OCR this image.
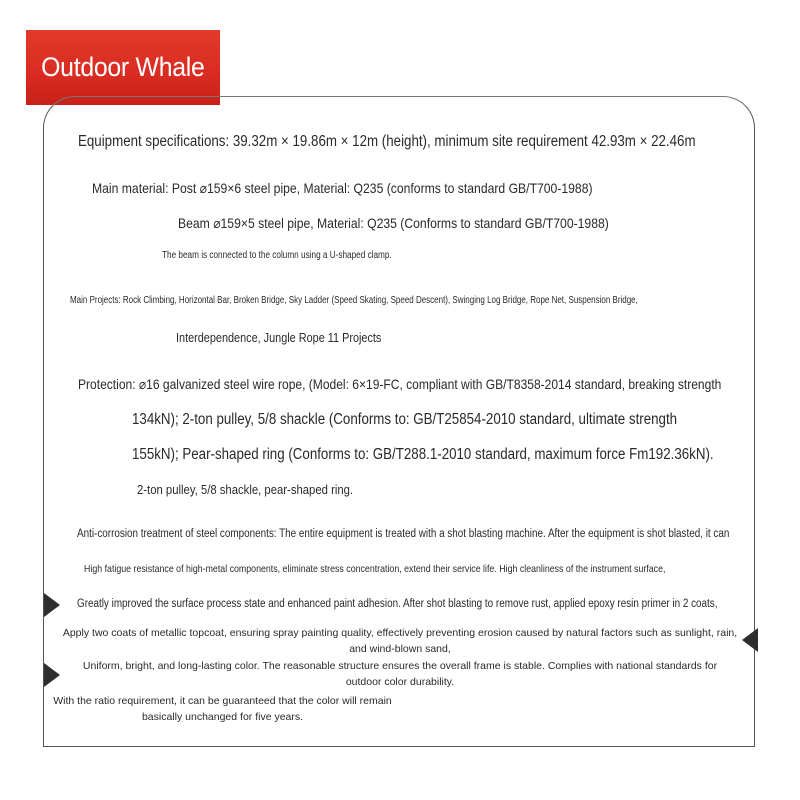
Outdoor Whale
Equipment specifications: 39.32m × 19.86m × 12m (height), minimum site requirement 42.93m × 22.46m
Main material: Post ⌀159×6 steel pipe, Material: Q235 (conforms to standard GB/T700-1988)
Beam ⌀159×5 steel pipe, Material: Q235 (Conforms to standard GB/T700-1988)
The beam is connected to the column using a U-shaped clamp.
Main Projects: Rock Climbing, Horizontal Bar, Broken Bridge, Sky Ladder (Speed Skating, Speed Descent), Swinging Log Bridge, Rope Net, Suspension Bridge,
Interdependence, Jungle Rope 11 Projects
Protection: ⌀16 galvanized steel wire rope, (Model: 6×19-FC, compliant with GB/T8358-2014 standard, breaking strength
134kN); 2-ton pulley, 5/8 shackle (Conforms to: GB/T25854-2010 standard, ultimate strength
155kN); Pear-shaped ring (Conforms to: GB/T288.1-2010 standard, maximum force Fm192.36kN).
2-ton pulley, 5/8 shackle, pear-shaped ring.
Anti-corrosion treatment of steel components: The entire equipment is treated with a shot blasting machine. After the equipment is shot blasted, it can
High fatigue resistance of high-metal components, eliminate stress concentration, extend their service life. High cleanliness of the instrument surface,
Greatly improved the surface process state and enhanced paint adhesion. After shot blasting to remove rust, applied epoxy resin primer in 2 coats,
Apply two coats of metallic topcoat, ensuring spray painting quality, effectively preventing erosion caused by natural factors such as sunlight, rain, and wind-blown sand,
Uniform, bright, and long-lasting color. The reasonable structure ensures the overall frame is stable. Complies with national standards for outdoor color durability.
With the ratio requirement, it can be guaranteed that the color will remain basically unchanged for five years.
